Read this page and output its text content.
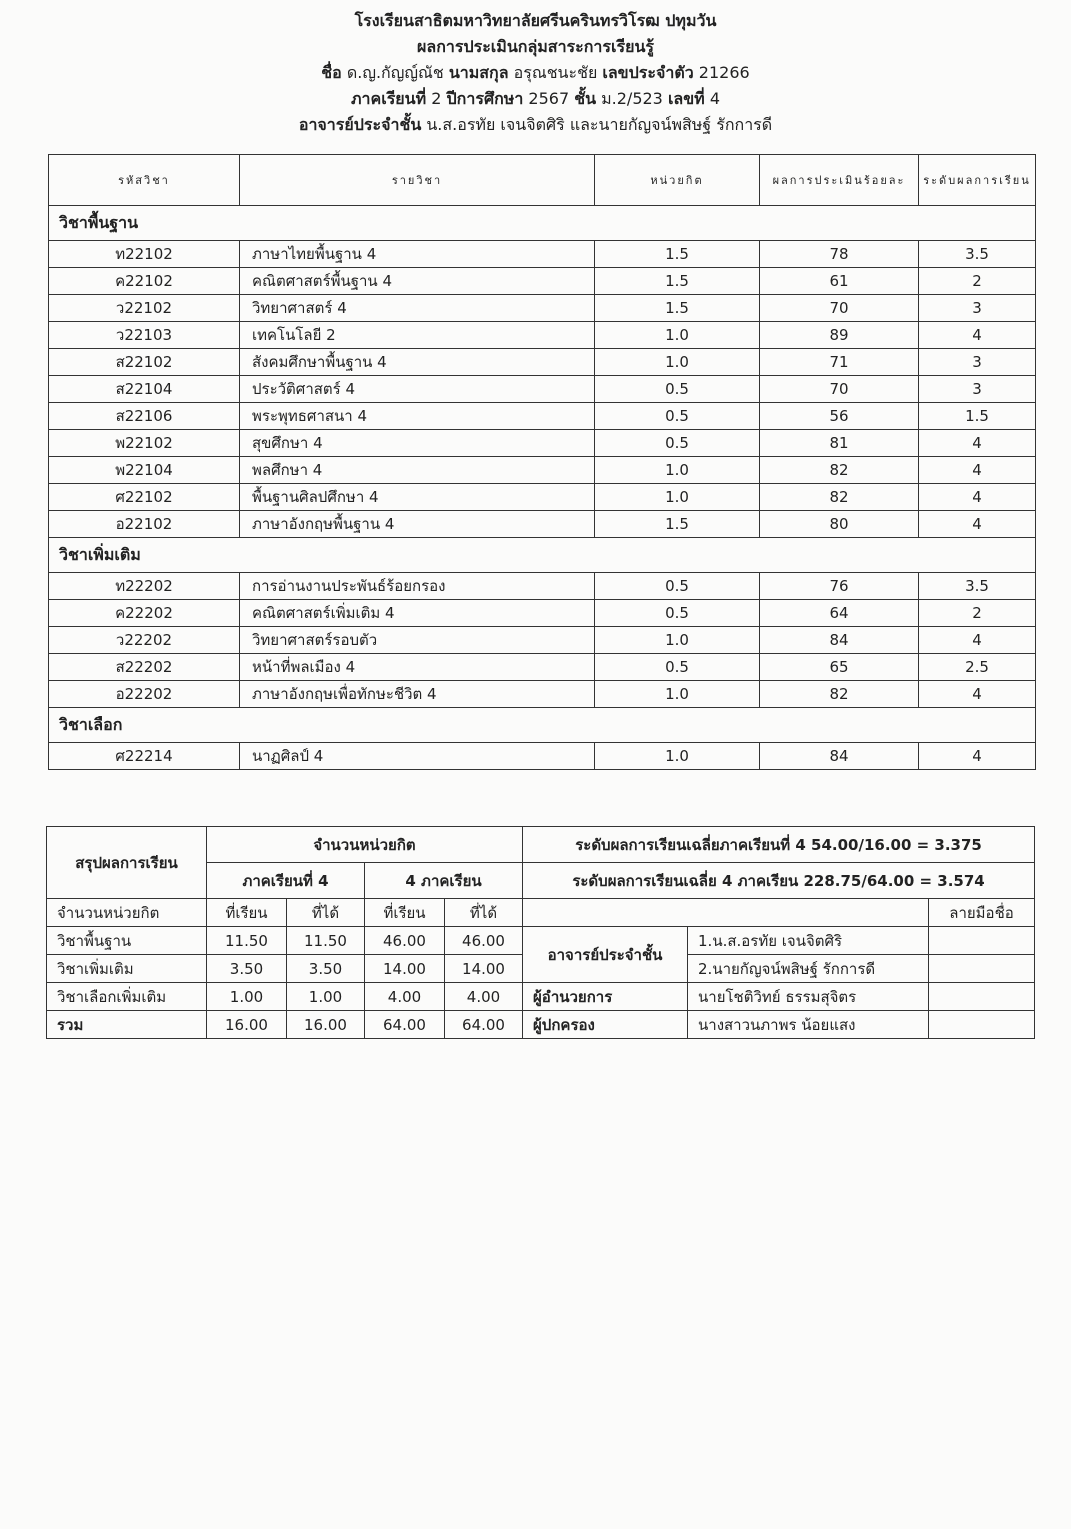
โรงเรียนสาธิตมหาวิทยาลัยศรีนครินทรวิโรฒ ปทุมวัน
ผลการประเมินกลุ่มสาระการเรียนรู้
ชื่อ ด.ญ.กัญญ์ณัช นามสกุล อรุณชนะชัย เลขประจำตัว 21266
ภาคเรียนที่ 2 ปีการศึกษา 2567 ชั้น ม.2/523 เลขที่ 4
อาจารย์ประจำชั้น น.ส.อรทัย เจนจิตศิริ และนายกัญจน์พสิษฐ์ รักการดี
รหัสวิชา	รายวิชา	หน่วยกิต	ผลการประเมินร้อยละ	ระดับผลการเรียน
วิชาพื้นฐาน				
ท22102	ภาษาไทยพื้นฐาน 4	1.5	78	3.5
ค22102	คณิตศาสตร์พื้นฐาน 4	1.5	61	2
ว22102	วิทยาศาสตร์ 4	1.5	70	3
ว22103	เทคโนโลยี 2	1.0	89	4
ส22102	สังคมศึกษาพื้นฐาน 4	1.0	71	3
ส22104	ประวัติศาสตร์ 4	0.5	70	3
ส22106	พระพุทธศาสนา 4	0.5	56	1.5
พ22102	สุขศึกษา 4	0.5	81	4
พ22104	พลศึกษา 4	1.0	82	4
ศ22102	พื้นฐานศิลปศึกษา 4	1.0	82	4
อ22102	ภาษาอังกฤษพื้นฐาน 4	1.5	80	4
วิชาเพิ่มเติม				
ท22202	การอ่านงานประพันธ์ร้อยกรอง	0.5	76	3.5
ค22202	คณิตศาสตร์เพิ่มเติม 4	0.5	64	2
ว22202	วิทยาศาสตร์รอบตัว	1.0	84	4
ส22202	หน้าที่พลเมือง 4	0.5	65	2.5
อ22202	ภาษาอังกฤษเพื่อทักษะชีวิต 4	1.0	82	4
วิชาเลือก				
ศ22214	นาฏศิลป์ 4	1.0	84	4
สรุปผลการเรียน	จำนวนหน่วยกิต				ระดับผลการเรียนเฉลี่ยภาคเรียนที่ 4 54.00/16.00 = 3.375		
	ภาคเรียนที่ 4		4 ภาคเรียน		ระดับผลการเรียนเฉลี่ย 4 ภาคเรียน 228.75/64.00 = 3.574		
จำนวนหน่วยกิต	ที่เรียน	ที่ได้	ที่เรียน	ที่ได้			ลายมือชื่อ
วิชาพื้นฐาน	11.50	11.50	46.00	46.00	อาจารย์ประจำชั้น	1.น.ส.อรทัย เจนจิตศิริ	
วิชาเพิ่มเติม	3.50	3.50	14.00	14.00		2.นายกัญจน์พสิษฐ์ รักการดี	
วิชาเลือกเพิ่มเติม	1.00	1.00	4.00	4.00	ผู้อำนวยการ	นายโชติวิทย์ ธรรมสุจิตร	
รวม	16.00	16.00	64.00	64.00	ผู้ปกครอง	นางสาวนภาพร น้อยแสง	
